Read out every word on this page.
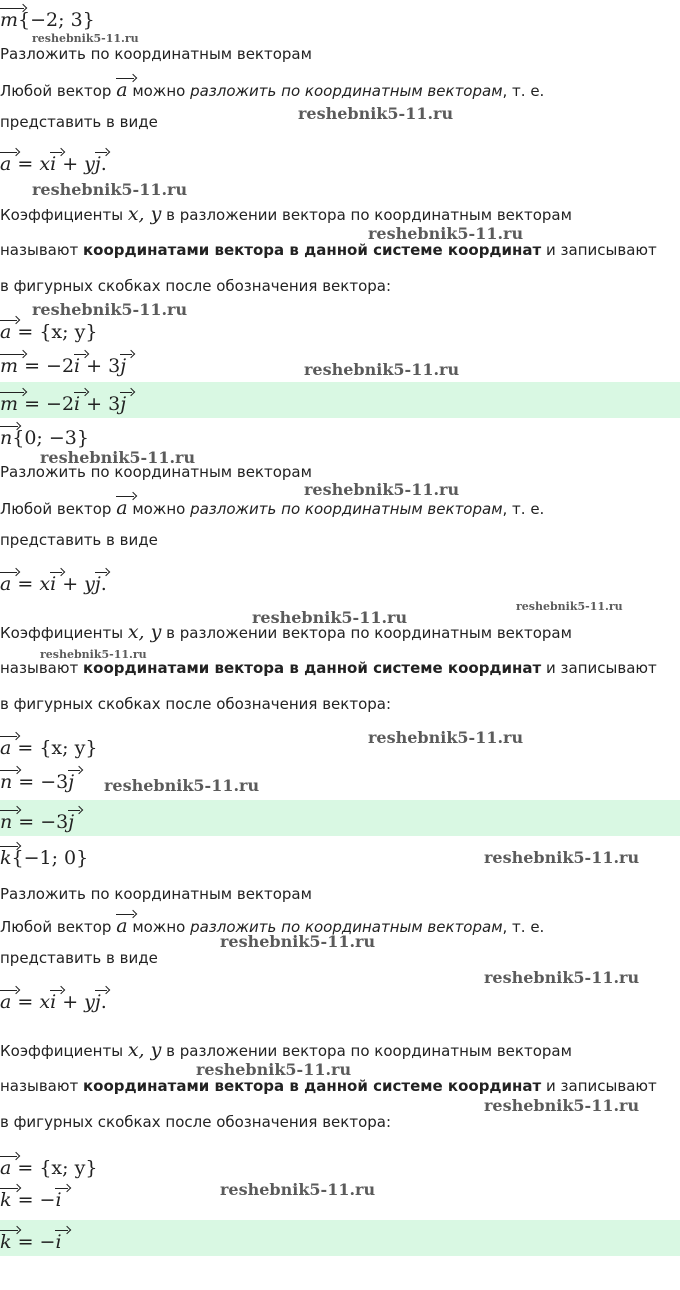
m{−2; 3}
Разложить по координатным векторам
Любой вектор a можно разложить по координатным векторам, т. е.
представить в виде
a = xi + yj.
Коэффициенты x, y в разложении вектора по координатным векторам
называют координатами вектора в данной системе координат и записывают
в фигурных скобках после обозначения вектора:
a = {x; y}
m = −2i + 3j
m = −2i + 3j
n{0; −3}
Разложить по координатным векторам
Любой вектор a можно разложить по координатным векторам, т. е.
представить в виде
a = xi + yj.
Коэффициенты x, y в разложении вектора по координатным векторам
называют координатами вектора в данной системе координат и записывают
в фигурных скобках после обозначения вектора:
a = {x; y}
n = −3j
n = −3j
k{−1; 0}
Разложить по координатным векторам
Любой вектор a можно разложить по координатным векторам, т. е.
представить в виде
a = xi + yj.
Коэффициенты x, y в разложении вектора по координатным векторам
называют координатами вектора в данной системе координат и записывают
в фигурных скобках после обозначения вектора:
a = {x; y}
k = −i
k = −i
reshebnik5-11.ru
reshebnik5-11.ru
reshebnik5-11.ru
reshebnik5-11.ru
reshebnik5-11.ru
reshebnik5-11.ru
reshebnik5-11.ru
reshebnik5-11.ru
reshebnik5-11.ru
reshebnik5-11.ru
reshebnik5-11.ru
reshebnik5-11.ru
reshebnik5-11.ru
reshebnik5-11.ru
reshebnik5-11.ru
reshebnik5-11.ru
reshebnik5-11.ru
reshebnik5-11.ru
reshebnik5-11.ru
